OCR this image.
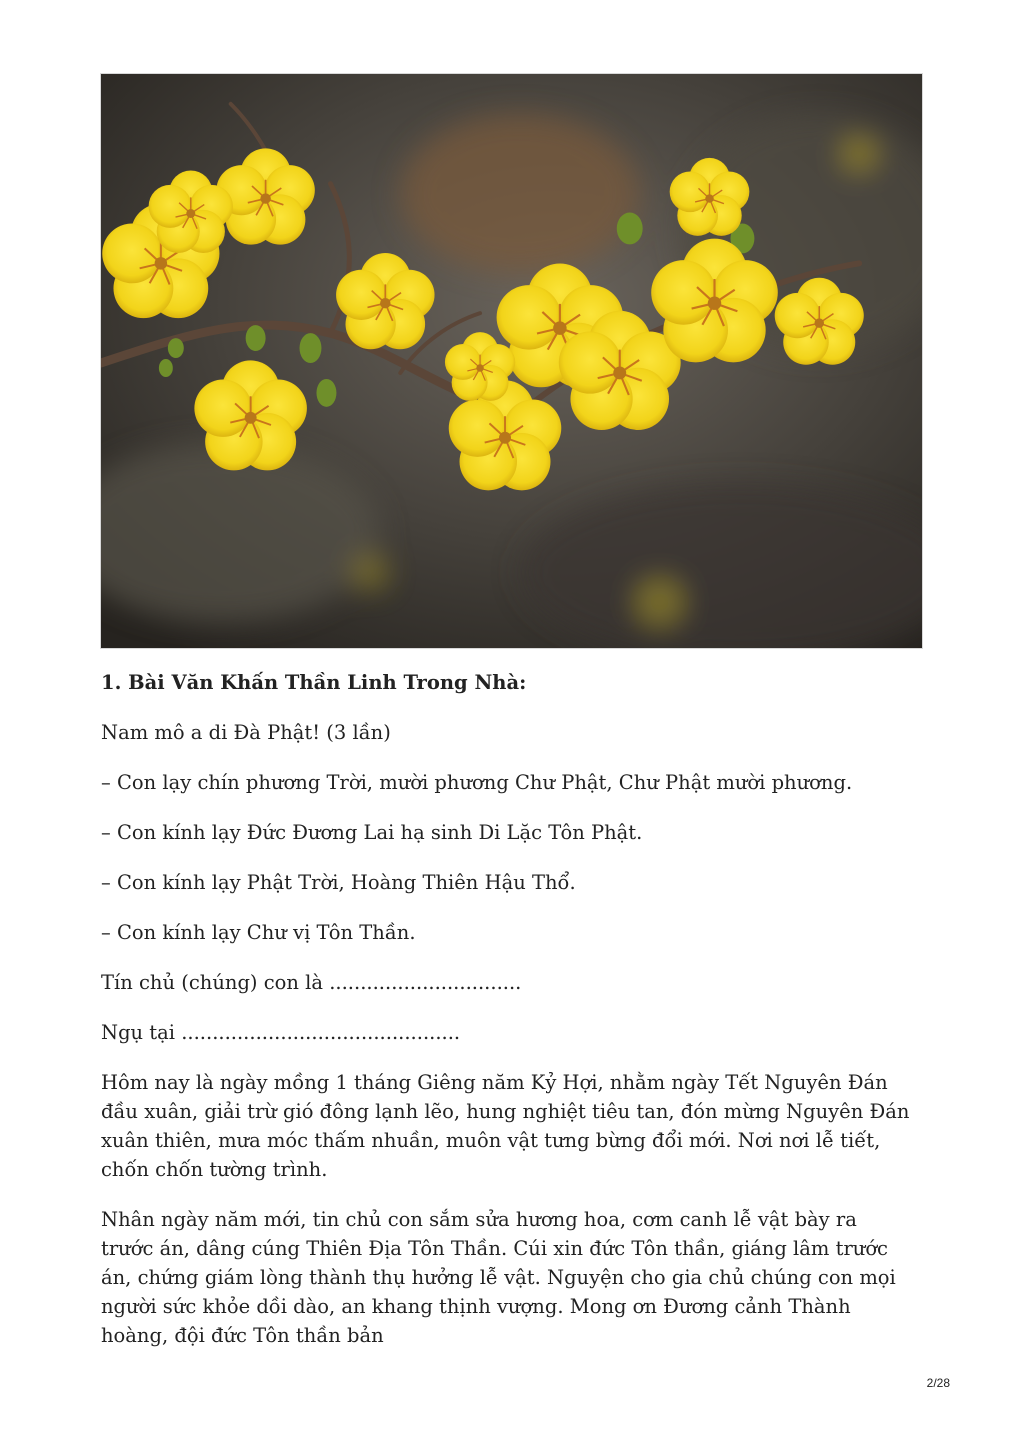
1. Bài Văn Khấn Thần Linh Trong Nhà:

Nam mô a di Đà Phật! (3 lần)

– Con lạy chín phương Trời, mười phương Chư Phật, Chư Phật mười phương.

– Con kính lạy Đức Đương Lai hạ sinh Di Lặc Tôn Phật.

– Con kính lạy Phật Trời, Hoàng Thiên Hậu Thổ.

– Con kính lạy Chư vị Tôn Thần.

Tín chủ (chúng) con là ...............................

Ngụ tại .............................................

Hôm nay là ngày mồng 1 tháng Giêng năm Kỷ Hợi, nhằm ngày Tết Nguyên Đán đầu xuân, giải trừ gió đông lạnh lẽo, hung nghiệt tiêu tan, đón mừng Nguyên Đán xuân thiên, mưa móc thấm nhuần, muôn vật tưng bừng đổi mới. Nơi nơi lễ tiết, chốn chốn tường trình.

Nhân ngày năm mới, tin chủ con sắm sửa hương hoa, cơm canh lễ vật bày ra trước án, dâng cúng Thiên Địa Tôn Thần. Cúi xin đức Tôn thần, giáng lâm trước án, chứng giám lòng thành thụ hưởng lễ vật. Nguyện cho gia chủ chúng con mọi người sức khỏe dồi dào, an khang thịnh vượng. Mong ơn Đương cảnh Thành hoàng, đội đức Tôn thần bản

2/28
